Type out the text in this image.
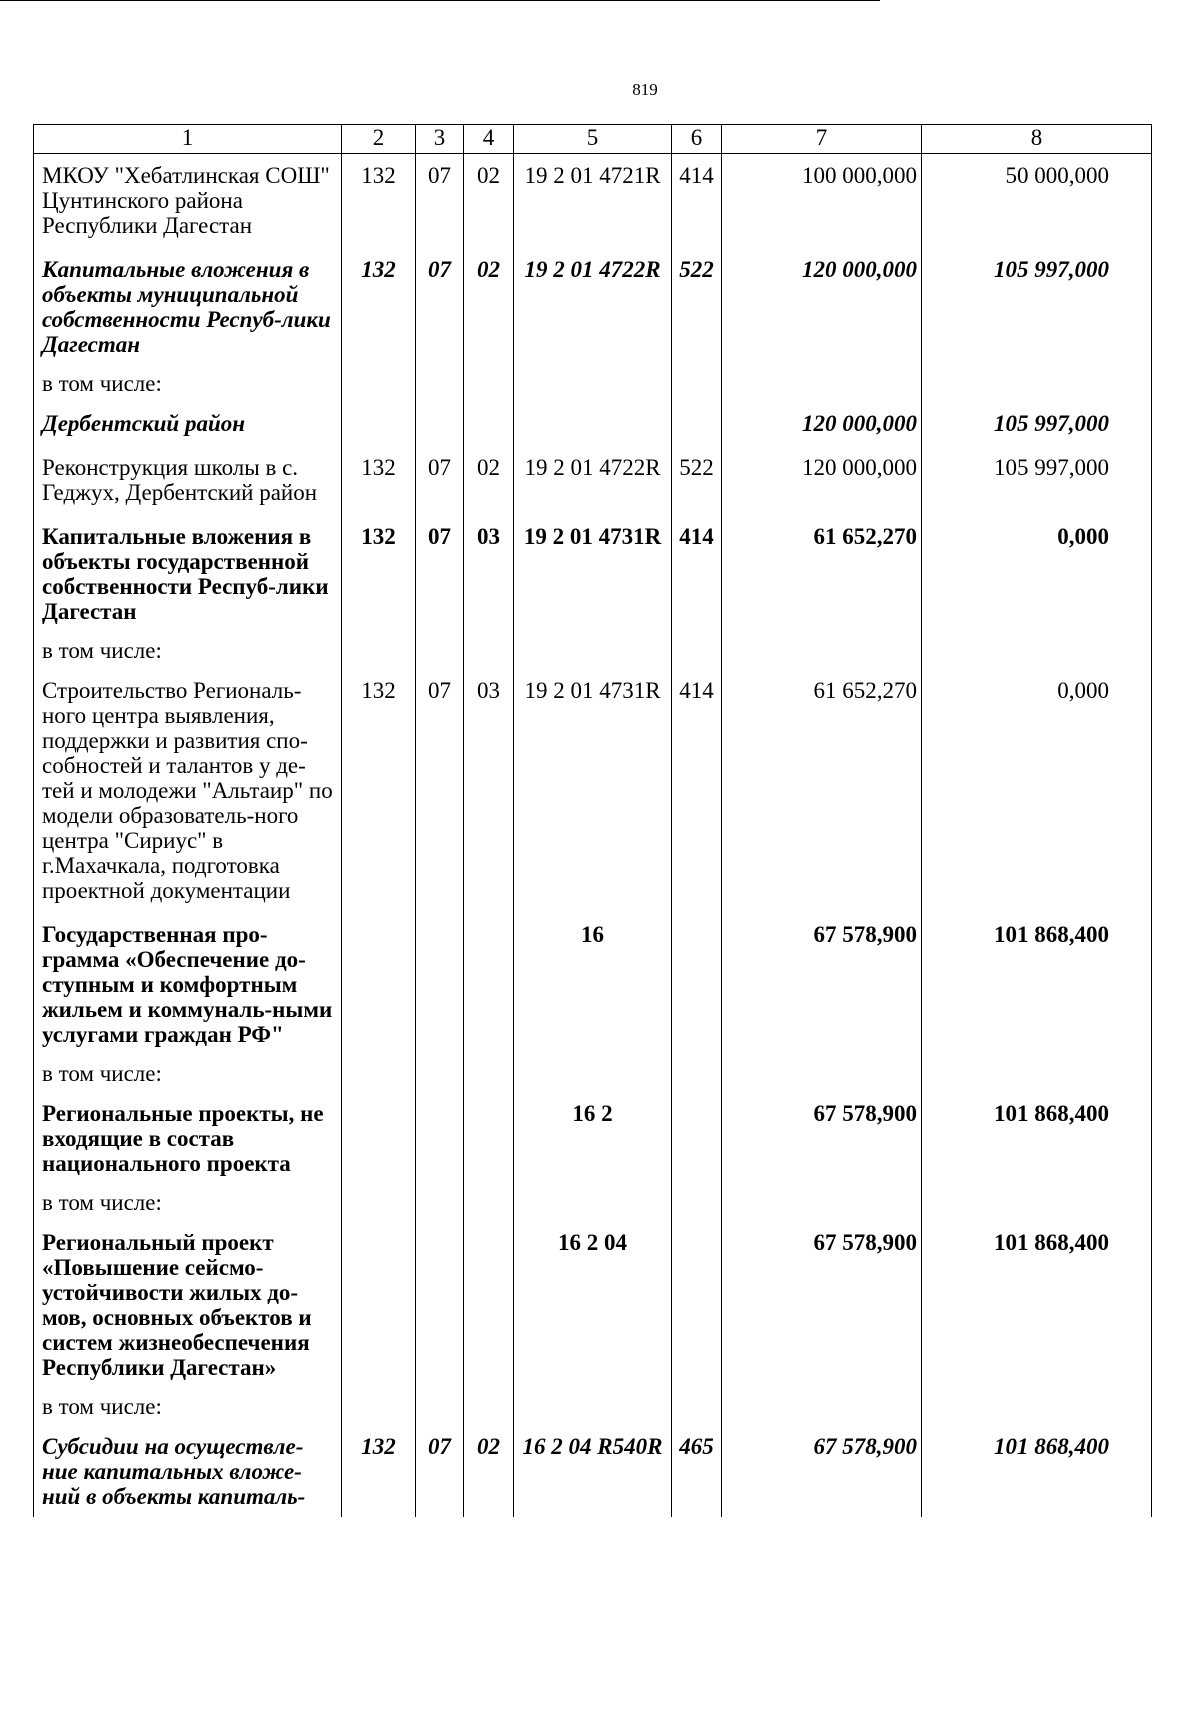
819
1	2	3	4	5	6	7	8
МКОУ "Хебатлинская СОШ" Цунтинского района Республики Дагестан	132	07	02	19 2 01 4721R	414	100 000,000	50 000,000
Капитальные вложения в объекты муниципальной собственности Респуб-лики Дагестан	132	07	02	19 2 01 4722R	522	120 000,000	105 997,000
в том числе:							
Дербентский район						120 000,000	105 997,000
Реконструкция школы в с. Геджух, Дербентский район	132	07	02	19 2 01 4722R	522	120 000,000	105 997,000
Капитальные вложения в объекты государственной собственности Респуб-лики Дагестан	132	07	03	19 2 01 4731R	414	61 652,270	0,000
в том числе:							
Строительство Региональ-ного центра выявления, поддержки и развития спо-собностей и талантов у де-тей и молодежи "Альтаир" по модели образователь-ного центра "Сириус" в г.Махачкала, подготовка проектной документации	132	07	03	19 2 01 4731R	414	61 652,270	0,000
Государственная про-грамма «Обеспечение до-ступным и комфортным жильем и коммуналь-ными услугами граждан РФ"				16		67 578,900	101 868,400
в том числе:							
Региональные проекты, не входящие в состав национального проекта				16 2		67 578,900	101 868,400
в том числе:							
Региональный проект «Повышение сейсмо-устойчивости жилых до-мов, основных объектов и систем жизнеобеспечения Республики Дагестан»				16 2 04		67 578,900	101 868,400
в том числе:							
Субсидии на осуществле-ние капитальных вложе-ний в объекты капиталь-	132	07	02	16 2 04 R540R	465	67 578,900	101 868,400
